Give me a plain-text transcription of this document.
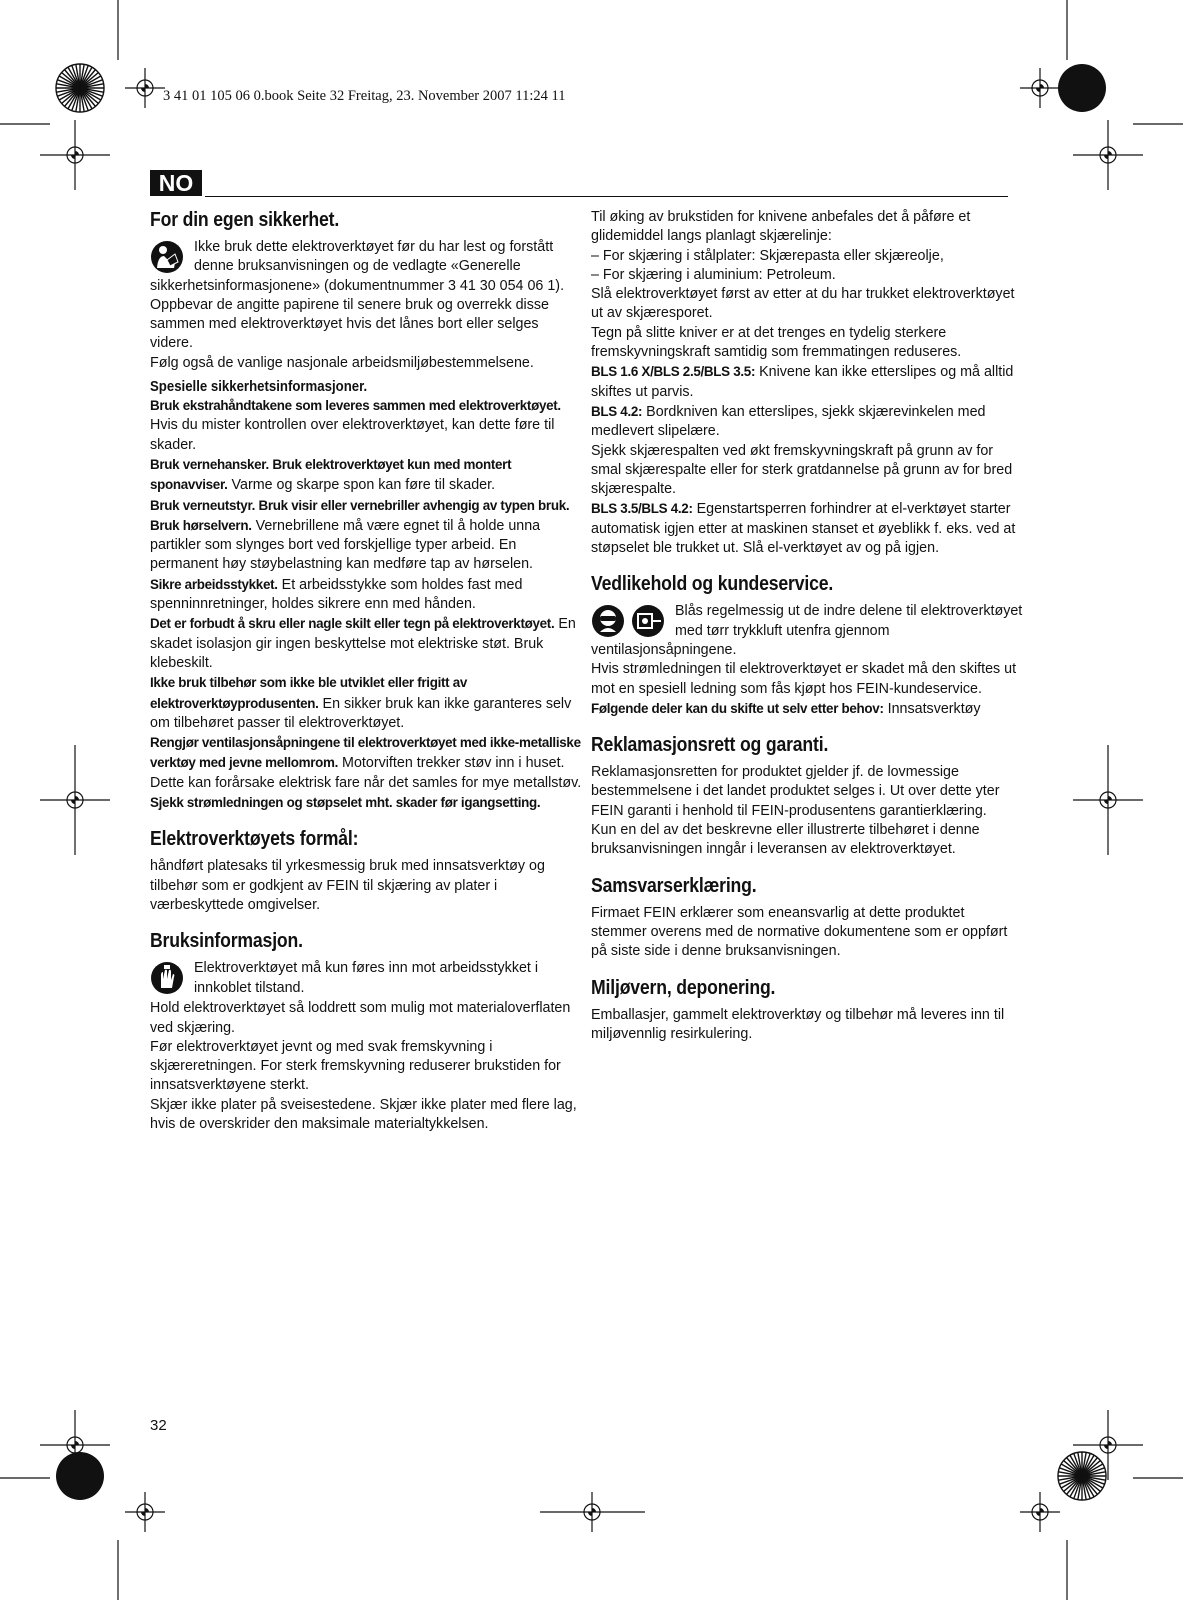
3 41 01 105 06 0.book Seite 32 Freitag, 23. November 2007 11:24 11
NO
For din egen sikkerhet.

Ikke bruk dette elektroverktøyet før du har lest og forstått denne bruksanvisningen og de vedlagte «Generelle sikkerhetsinformasjonene» (dokumentnummer 3 41 30 054 06 1). Oppbevar de angitte papirene til senere bruk og overrekk disse sammen med elektroverktøyet hvis det lånes bort eller selges videre.

Følg også de vanlige nasjonale arbeidsmiljøbestemmelsene.

Spesielle sikkerhetsinformasjoner.

Bruk ekstrahåndtakene som leveres sammen med elektroverktøyet. Hvis du mister kontrollen over elektroverktøyet, kan dette føre til skader.

Bruk vernehansker. Bruk elektroverktøyet kun med montert sponavviser. Varme og skarpe spon kan føre til skader.

Bruk verneutstyr. Bruk visir eller vernebriller avhengig av typen bruk. Bruk hørselvern. Vernebrillene må være egnet til å holde unna partikler som slynges bort ved forskjellige typer arbeid. En permanent høy støybelastning kan medføre tap av hørselen.

Sikre arbeidsstykket. Et arbeidsstykke som holdes fast med spenninnretninger, holdes sikrere enn med hånden.

Det er forbudt å skru eller nagle skilt eller tegn på elektroverktøyet. En skadet isolasjon gir ingen beskyttelse mot elektriske støt. Bruk klebeskilt.

Ikke bruk tilbehør som ikke ble utviklet eller frigitt av elektroverktøyprodusenten. En sikker bruk kan ikke garanteres selv om tilbehøret passer til elektroverktøyet.

Rengjør ventilasjonsåpningene til elektroverktøyet med ikke-metalliske verktøy med jevne mellomrom. Motorviften trekker støv inn i huset. Dette kan forårsake elektrisk fare når det samles for mye metallstøv.

Sjekk strømledningen og støpselet mht. skader før igangsetting.

Elektroverktøyets formål:

håndført platesaks til yrkesmessig bruk med innsatsverktøy og tilbehør som er godkjent av FEIN til skjæring av plater i værbeskyttede omgivelser.

Bruksinformasjon.

Elektroverktøyet må kun føres inn mot arbeidsstykket i innkoblet tilstand.

Hold elektroverktøyet så loddrett som mulig mot materialoverflaten ved skjæring.

Før elektroverktøyet jevnt og med svak fremskyvning i skjæreretningen. For sterk fremskyvning reduserer brukstiden for innsatsverktøyene sterkt.

Skjær ikke plater på sveisestedene. Skjær ikke plater med flere lag, hvis de overskrider den maksimale materialtykkelsen.

Til øking av brukstiden for knivene anbefales det å påføre et glidemiddel langs planlagt skjærelinje:

– For skjæring i stålplater: Skjærepasta eller skjæreolje,

– For skjæring i aluminium: Petroleum.

Slå elektroverktøyet først av etter at du har trukket elektroverktøyet ut av skjæresporet.

Tegn på slitte kniver er at det trenges en tydelig sterkere fremskyvningskraft samtidig som fremmatingen reduseres.

BLS 1.6 X/BLS 2.5/BLS 3.5: Knivene kan ikke etterslipes og må alltid skiftes ut parvis.

BLS 4.2: Bordkniven kan etterslipes, sjekk skjærevinkelen med medlevert slipelære.

Sjekk skjærespalten ved økt fremskyvningskraft på grunn av for smal skjærespalte eller for sterk gratdannelse på grunn av for bred skjærespalte.

BLS 3.5/BLS 4.2: Egenstartsperren forhindrer at el-verktøyet starter automatisk igjen etter at maskinen stanset et øyeblikk f. eks. ved at støpselet ble trukket ut. Slå el-verktøyet av og på igjen.

Vedlikehold og kundeservice.

Blås regelmessig ut de indre delene til elektroverktøyet med tørr trykkluft utenfra gjennom ventilasjonsåpningene.

Hvis strømledningen til elektroverktøyet er skadet må den skiftes ut mot en spesiell ledning som fås kjøpt hos FEIN-kundeservice.

Følgende deler kan du skifte ut selv etter behov: Innsatsverktøy

Reklamasjonsrett og garanti.

Reklamasjonsretten for produktet gjelder jf. de lovmessige bestemmelsene i det landet produktet selges i. Ut over dette yter FEIN garanti i henhold til FEIN-produsentens garantierklæring.

Kun en del av det beskrevne eller illustrerte tilbehøret i denne bruksanvisningen inngår i leveransen av elektroverktøyet.

Samsvarserklæring.

Firmaet FEIN erklærer som eneansvarlig at dette produktet stemmer overens med de normative dokumentene som er oppført på siste side i denne bruksanvisningen.

Miljøvern, deponering.

Emballasjer, gammelt elektroverktøy og tilbehør må leveres inn til miljøvennlig resirkulering.

32
